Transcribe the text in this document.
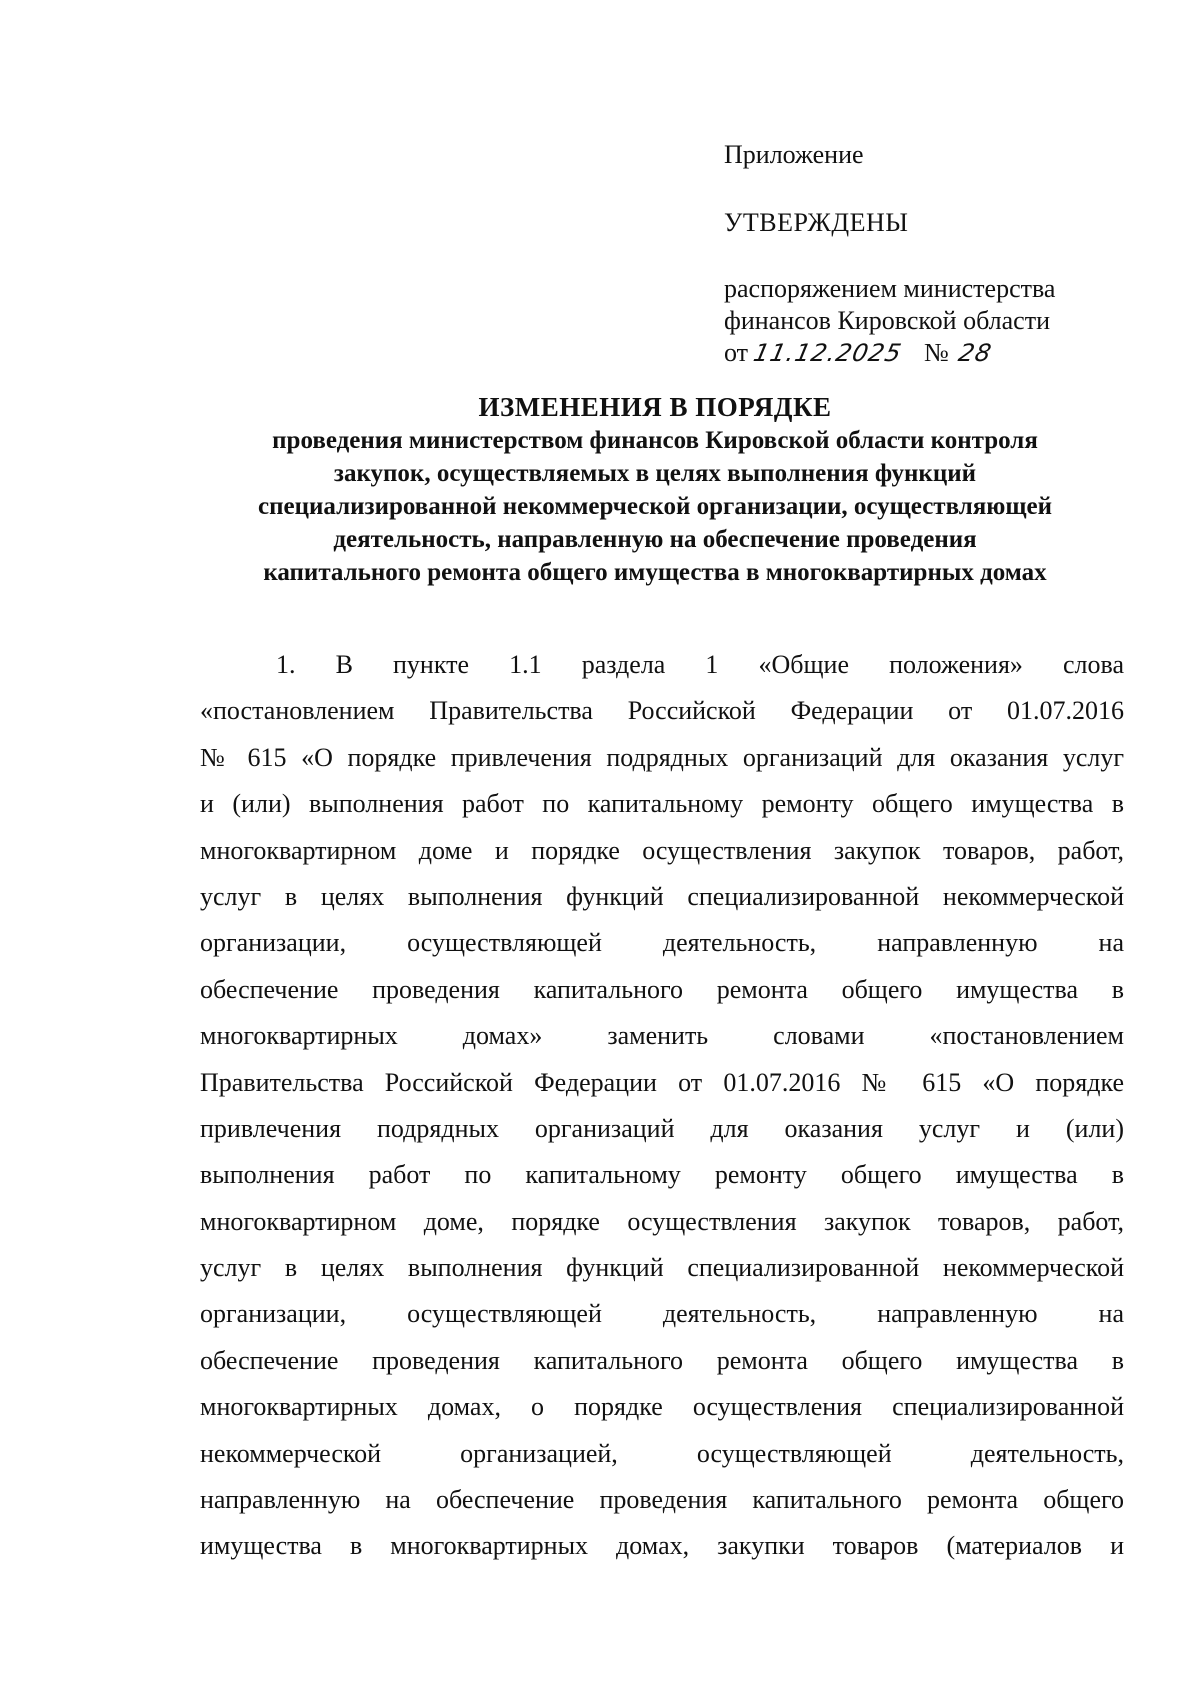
Приложение

УТВЕРЖДЕНЫ

распоряжением министерства
финансов Кировской области
от 11.12.2025 № 28

ИЗМЕНЕНИЯ В ПОРЯДКЕ

проведения министерством финансов Кировской области контроля

закупок, осуществляемых в целях выполнения функций

специализированной некоммерческой организации, осуществляющей

деятельность, направленную на обеспечение проведения

капитального ремонта общего имущества в многоквартирных домах

1. В пункте 1.1 раздела 1 «Общие положения» слова
«постановлением Правительства Российской Федерации от 01.07.2016
№ 615 «О порядке привлечения подрядных организаций для оказания услуг
и (или) выполнения работ по капитальному ремонту общего имущества в
многоквартирном доме и порядке осуществления закупок товаров, работ,
услуг в целях выполнения функций специализированной некоммерческой
организации, осуществляющей деятельность, направленную на
обеспечение проведения капитального ремонта общего имущества в
многоквартирных домах» заменить словами «постановлением
Правительства Российской Федерации от 01.07.2016 № 615 «О порядке
привлечения подрядных организаций для оказания услуг и (или)
выполнения работ по капитальному ремонту общего имущества в
многоквартирном доме, порядке осуществления закупок товаров, работ,
услуг в целях выполнения функций специализированной некоммерческой
организации, осуществляющей деятельность, направленную на
обеспечение проведения капитального ремонта общего имущества в
многоквартирных домах, о порядке осуществления специализированной
некоммерческой организацией, осуществляющей деятельность,
направленную на обеспечение проведения капитального ремонта общего
имущества в многоквартирных домах, закупки товаров (материалов и
